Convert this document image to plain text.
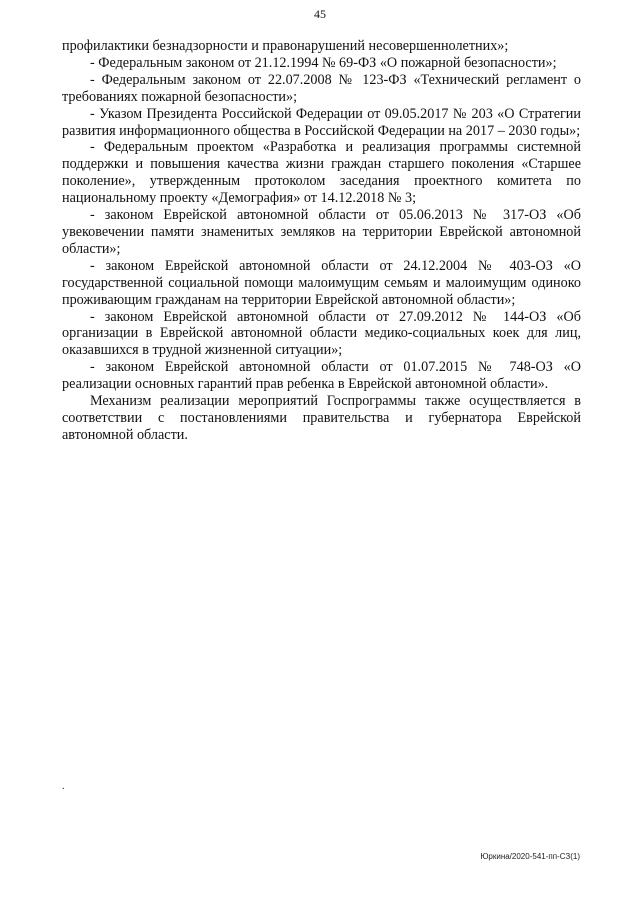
45

профилактики безнадзорности и правонарушений несовершеннолетних»;

- Федеральным законом от 21.12.1994 № 69-ФЗ «О пожарной безопасности»;

- Федеральным законом от 22.07.2008 № 123-ФЗ «Технический регламент о требованиях пожарной безопасности»;

- Указом Президента Российской Федерации от 09.05.2017 № 203 «О Стратегии развития информационного общества в Российской Федерации на 2017 – 2030 годы»;

- Федеральным проектом «Разработка и реализация программы системной поддержки и повышения качества жизни граждан старшего поколения «Старшее поколение», утвержденным протоколом заседания проектного комитета по национальному проекту «Демография» от 14.12.2018 № 3;

- законом Еврейской автономной области от 05.06.2013 № 317-ОЗ «Об увековечении памяти знаменитых земляков на территории Еврейской автономной области»;

- законом Еврейской автономной области от 24.12.2004 № 403-ОЗ «О государственной социальной помощи малоимущим семьям и малоимущим одиноко проживающим гражданам на территории Еврейской автономной области»;

- законом Еврейской автономной области от 27.09.2012 № 144-ОЗ «Об организации в Еврейской автономной области медико-социальных коек для лиц, оказавшихся в трудной жизненной ситуации»;

- законом Еврейской автономной области от 01.07.2015 № 748-ОЗ «О реализации основных гарантий прав ребенка в Еврейской автономной области».

Механизм реализации мероприятий Госпрограммы также осуществляется в соответствии с постановлениями правительства и губернатора Еврейской автономной области.

.
Юркина/2020-541-пп-СЗ(1)
